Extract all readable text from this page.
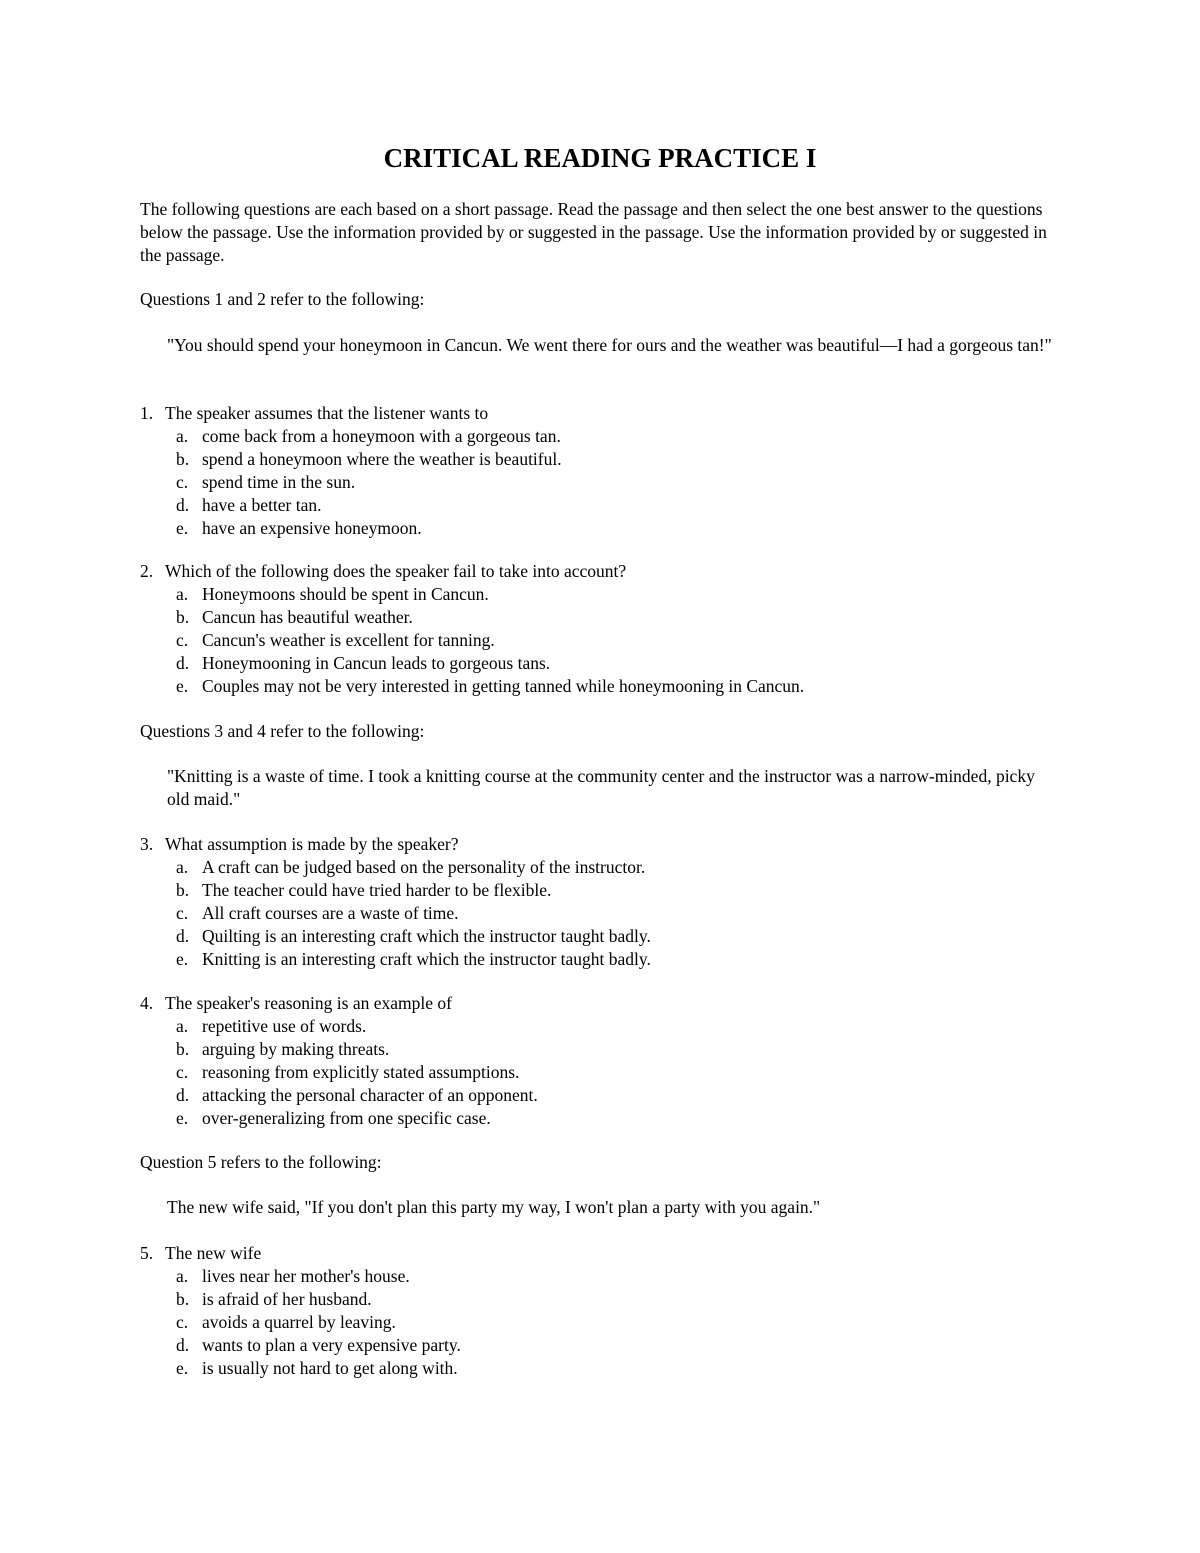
CRITICAL READING PRACTICE I
The following questions are each based on a short passage. Read the passage and then select the one best answer to the questions below the passage. Use the information provided by or suggested in the passage. Use the information provided by or suggested in the passage.
Questions 1 and 2 refer to the following:
"You should spend your honeymoon in Cancun. We went there for ours and the weather was beautiful—I had a gorgeous tan!"
1. The speaker assumes that the listener wants to
a. come back from a honeymoon with a gorgeous tan.
b. spend a honeymoon where the weather is beautiful.
c. spend time in the sun.
d. have a better tan.
e. have an expensive honeymoon.
2. Which of the following does the speaker fail to take into account?
a. Honeymoons should be spent in Cancun.
b. Cancun has beautiful weather.
c. Cancun's weather is excellent for tanning.
d. Honeymooning in Cancun leads to gorgeous tans.
e. Couples may not be very interested in getting tanned while honeymooning in Cancun.
Questions 3 and 4 refer to the following:
"Knitting is a waste of time. I took a knitting course at the community center and the instructor was a narrow-minded, picky old maid."
3. What assumption is made by the speaker?
a. A craft can be judged based on the personality of the instructor.
b. The teacher could have tried harder to be flexible.
c. All craft courses are a waste of time.
d. Quilting is an interesting craft which the instructor taught badly.
e. Knitting is an interesting craft which the instructor taught badly.
4. The speaker's reasoning is an example of
a. repetitive use of words.
b. arguing by making threats.
c. reasoning from explicitly stated assumptions.
d. attacking the personal character of an opponent.
e. over-generalizing from one specific case.
Question 5 refers to the following:
The new wife said, "If you don't plan this party my way, I won't plan a party with you again."
5. The new wife
a. lives near her mother's house.
b. is afraid of her husband.
c. avoids a quarrel by leaving.
d. wants to plan a very expensive party.
e. is usually not hard to get along with.
